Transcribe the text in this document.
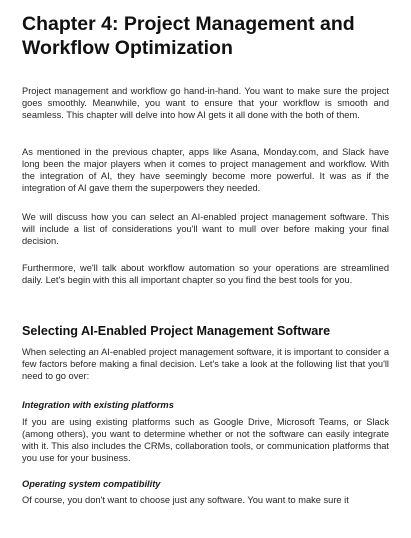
Chapter 4: Project Management and Workflow Optimization

Project management and workflow go hand-in-hand. You want to make sure the project goes smoothly. Meanwhile, you want to ensure that your workflow is smooth and seamless. This chapter will delve into how AI gets it all done with the both of them.

As mentioned in the previous chapter, apps like Asana, Monday.com, and Slack have long been the major players when it comes to project management and workflow. With the integration of AI, they have seemingly become more powerful. It was as if the integration of AI gave them the superpowers they needed.

We will discuss how you can select an AI-enabled project management software. This will include a list of considerations you'll want to mull over before making your final decision.

Furthermore, we'll talk about workflow automation so your operations are streamlined daily. Let's begin with this all important chapter so you find the best tools for you.

Selecting AI-Enabled Project Management Software

When selecting an AI-enabled project management software, it is important to consider a few factors before making a final decision. Let's take a look at the following list that you'll need to go over:

Integration with existing platforms

If you are using existing platforms such as Google Drive, Microsoft Teams, or Slack (among others), you want to determine whether or not the software can easily integrate with it. This also includes the CRMs, collaboration tools, or communication platforms that you use for your business.

Operating system compatibility

Of course, you don't want to choose just any software. You want to make sure it
